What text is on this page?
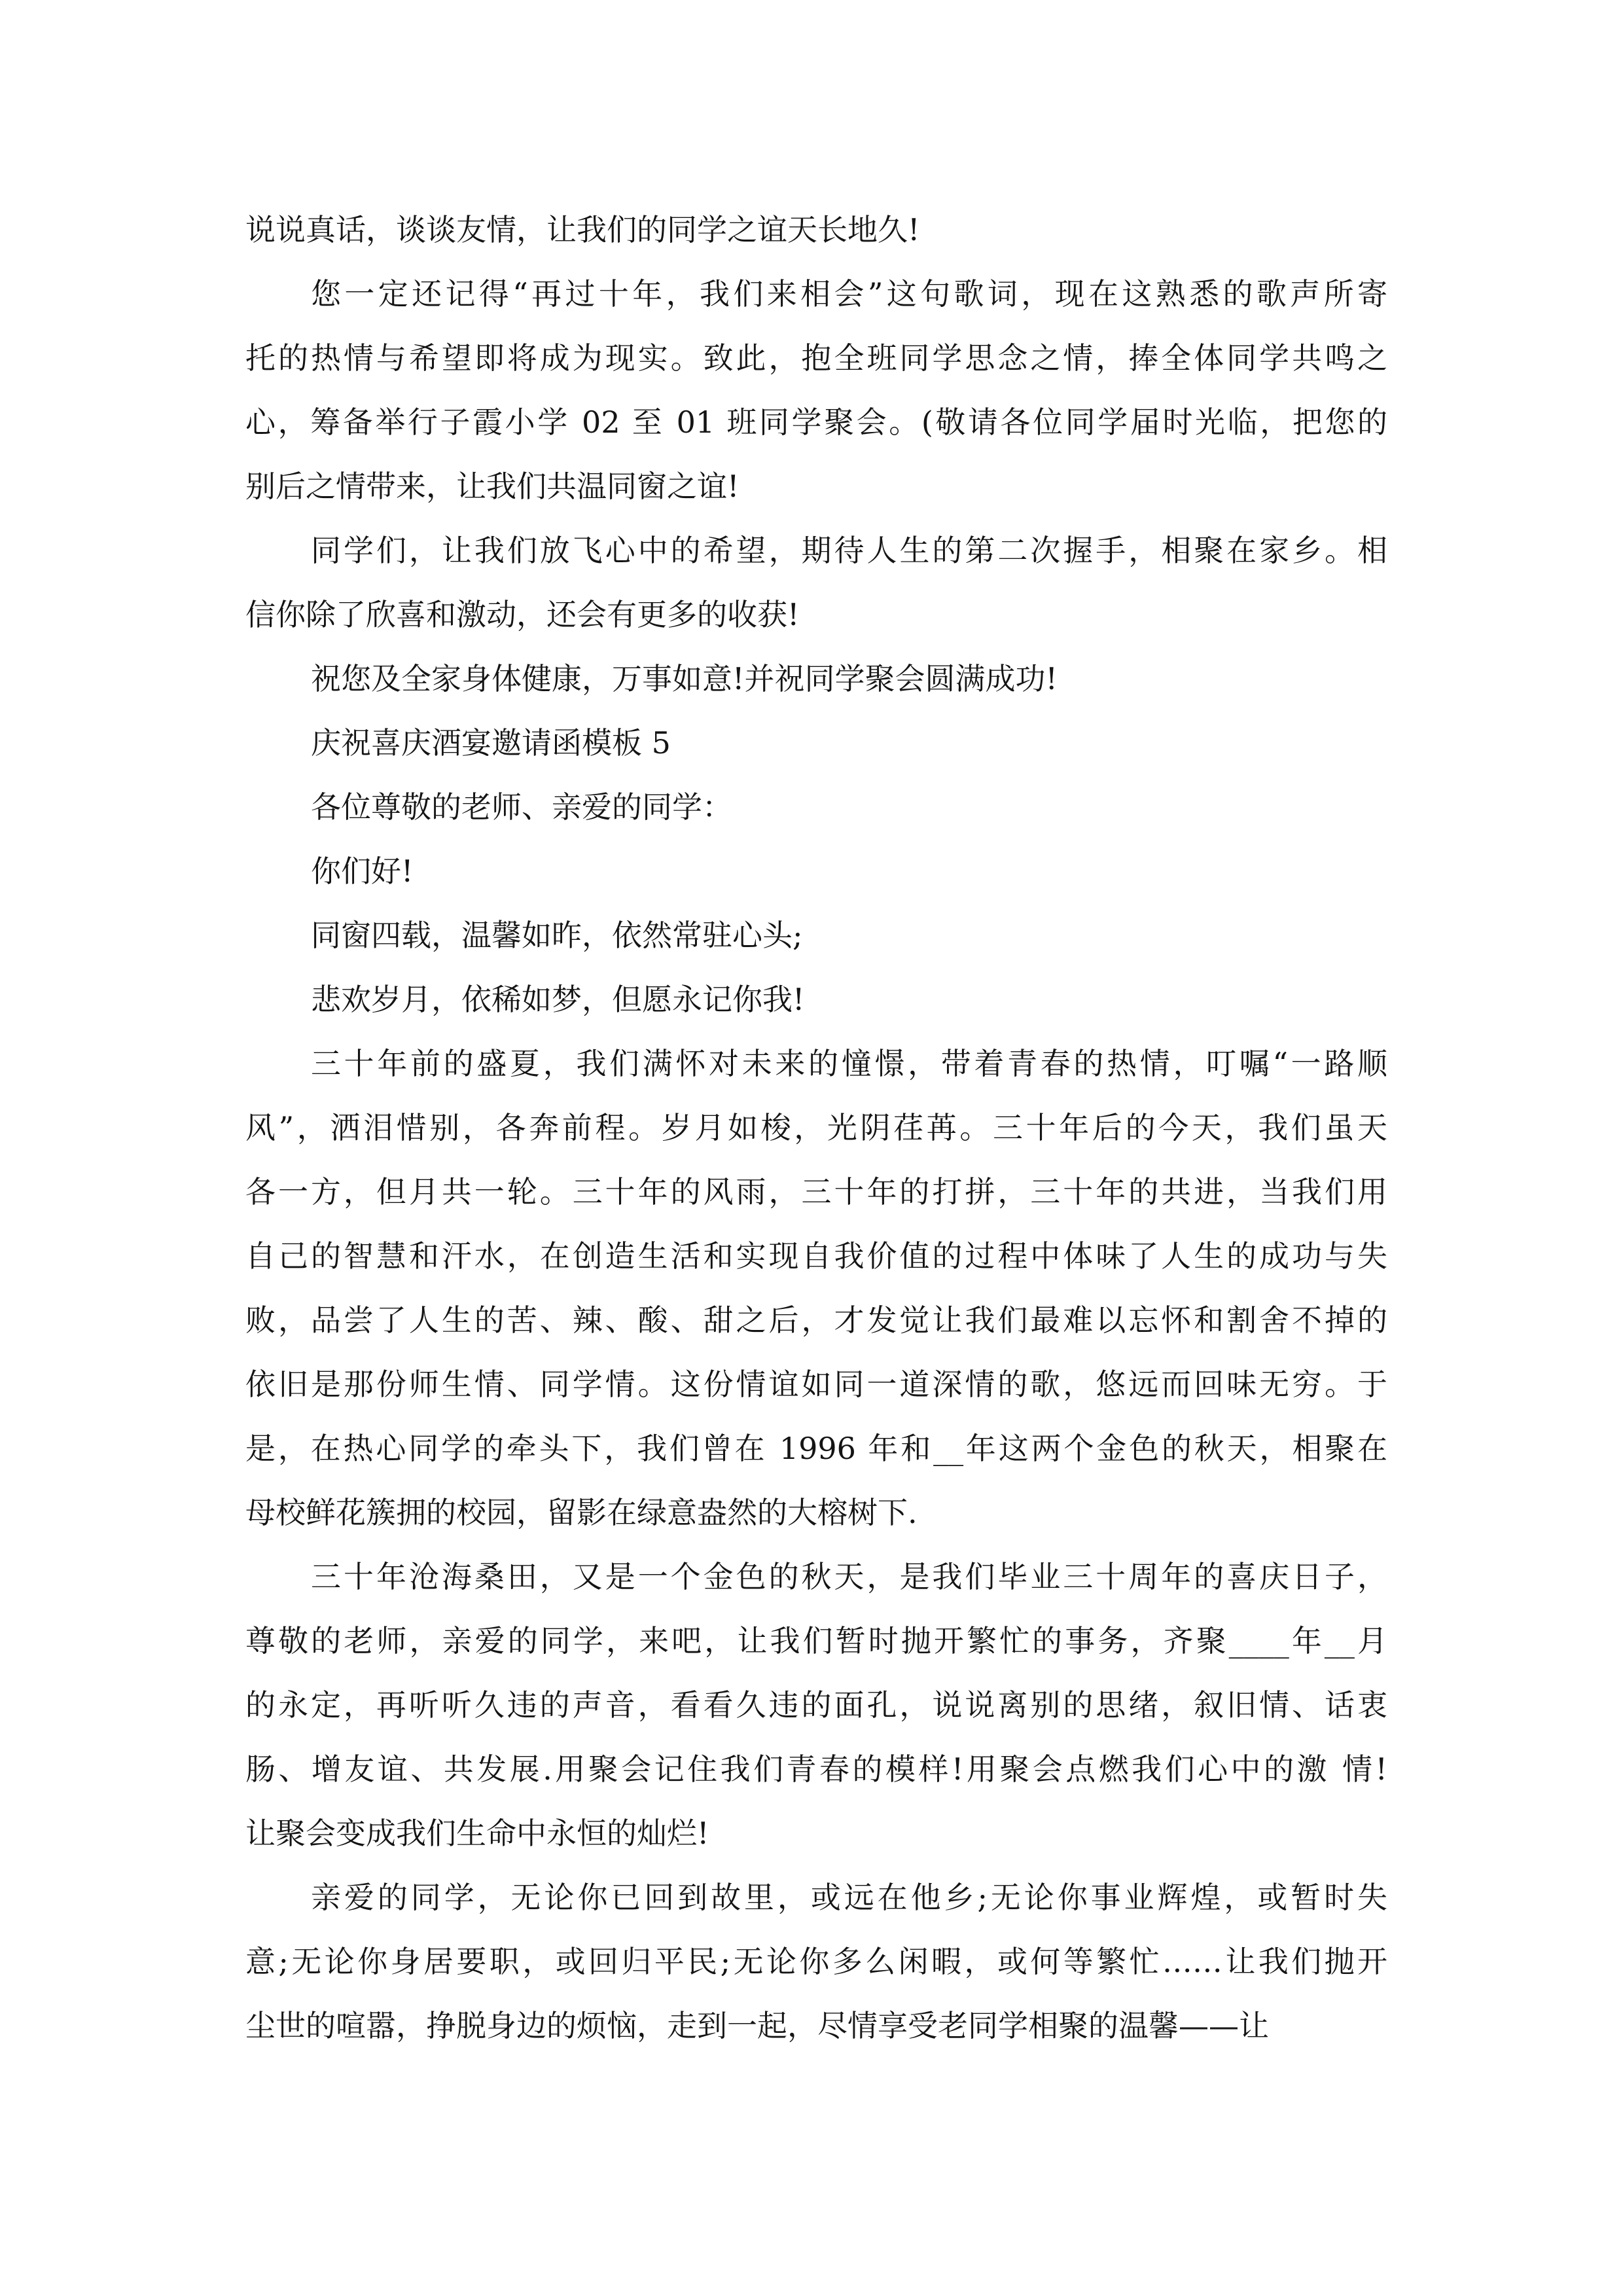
说说真话，谈谈友情，让我们的同学之谊天长地久!
您一定还记得“再过十年，我们来相会”这句歌词，现在这熟悉的歌声所寄
托的热情与希望即将成为现实。致此，抱全班同学思念之情，捧全体同学共鸣之
心，筹备举行子霞小学 02 至 01 班同学聚会。(敬请各位同学届时光临，把您的
别后之情带来，让我们共温同窗之谊!
同学们，让我们放飞心中的希望，期待人生的第二次握手，相聚在家乡。相
信你除了欣喜和激动，还会有更多的收获!
祝您及全家身体健康，万事如意!并祝同学聚会圆满成功!
庆祝喜庆酒宴邀请函模板 5
各位尊敬的老师、亲爱的同学：
你们好!
同窗四载，温馨如昨，依然常驻心头;
悲欢岁月，依稀如梦，但愿永记你我!
三十年前的盛夏，我们满怀对未来的憧憬，带着青春的热情，叮嘱“一路顺
风”，洒泪惜别，各奔前程。岁月如梭，光阴荏苒。三十年后的今天，我们虽天
各一方，但月共一轮。三十年的风雨，三十年的打拼，三十年的共进，当我们用
自己的智慧和汗水，在创造生活和实现自我价值的过程中体味了人生的成功与失
败，品尝了人生的苦、辣、酸、甜之后，才发觉让我们最难以忘怀和割舍不掉的
依旧是那份师生情、同学情。这份情谊如同一道深情的歌，悠远而回味无穷。于
是，在热心同学的牵头下，我们曾在 1996 年和__年这两个金色的秋天，相聚在
母校鲜花簇拥的校园，留影在绿意盎然的大榕树下.
三十年沧海桑田，又是一个金色的秋天，是我们毕业三十周年的喜庆日子，
尊敬的老师，亲爱的同学，来吧，让我们暂时抛开繁忙的事务，齐聚____年__月
的永定，再听听久违的声音，看看久违的面孔，说说离别的思绪，叙旧情、话衷
肠、增友谊、共发展.用聚会记住我们青春的模样!用聚会点燃我们心中的激 情!
让聚会变成我们生命中永恒的灿烂!
亲爱的同学，无论你已回到故里，或远在他乡;无论你事业辉煌，或暂时失
意;无论你身居要职，或回归平民;无论你多么闲暇，或何等繁忙……让我们抛开
尘世的喧嚣，挣脱身边的烦恼，走到一起，尽情享受老同学相聚的温馨——让
